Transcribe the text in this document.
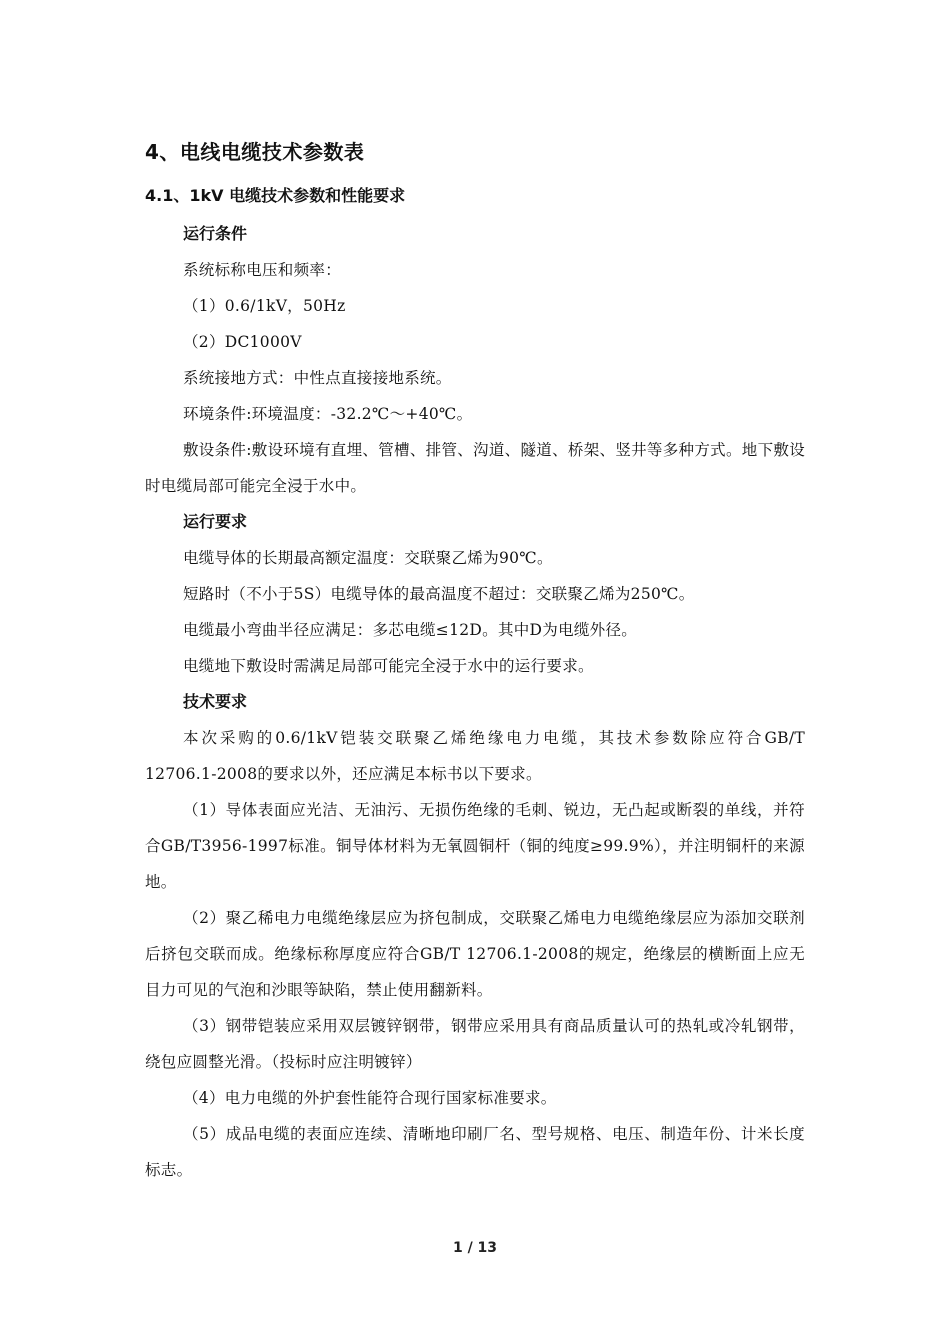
4、电线电缆技术参数表
4.1、1kV 电缆技术参数和性能要求
运行条件

系统标称电压和频率：

（1）0.6/1kV，50Hz

（2）DC1000V

系统接地方式：中性点直接接地系统。

环境条件:环境温度：-32.2℃～+40℃。

敷设条件:敷设环境有直埋、管槽、排管、沟道、隧道、桥架、竖井等多种方式。地下敷设时电缆局部可能完全浸于水中。

运行要求

电缆导体的长期最高额定温度：交联聚乙烯为90℃。

短路时（不小于5S）电缆导体的最高温度不超过：交联聚乙烯为250℃。

电缆最小弯曲半径应满足：多芯电缆≤12D。其中D为电缆外径。

电缆地下敷设时需满足局部可能完全浸于水中的运行要求。

技术要求

本次采购的0.6/1kV铠装交联聚乙烯绝缘电力电缆，其技术参数除应符合GB/T 12706.1-2008的要求以外，还应满足本标书以下要求。

（1）导体表面应光洁、无油污、无损伤绝缘的毛刺、锐边，无凸起或断裂的单线，并符合GB/T3956-1997标准。铜导体材料为无氧圆铜杆（铜的纯度≥99.9%），并注明铜杆的来源地。

（2）聚乙稀电力电缆绝缘层应为挤包制成，交联聚乙烯电力电缆绝缘层应为添加交联剂后挤包交联而成。绝缘标称厚度应符合GB/T 12706.1-2008的规定，绝缘层的横断面上应无目力可见的气泡和沙眼等缺陷，禁止使用翻新料。

（3）钢带铠装应采用双层镀锌钢带，钢带应采用具有商品质量认可的热轧或冷轧钢带，绕包应圆整光滑。（投标时应注明镀锌）

（4）电力电缆的外护套性能符合现行国家标准要求。

（5）成品电缆的表面应连续、清晰地印刷厂名、型号规格、电压、制造年份、计米长度标志。

1 / 13
